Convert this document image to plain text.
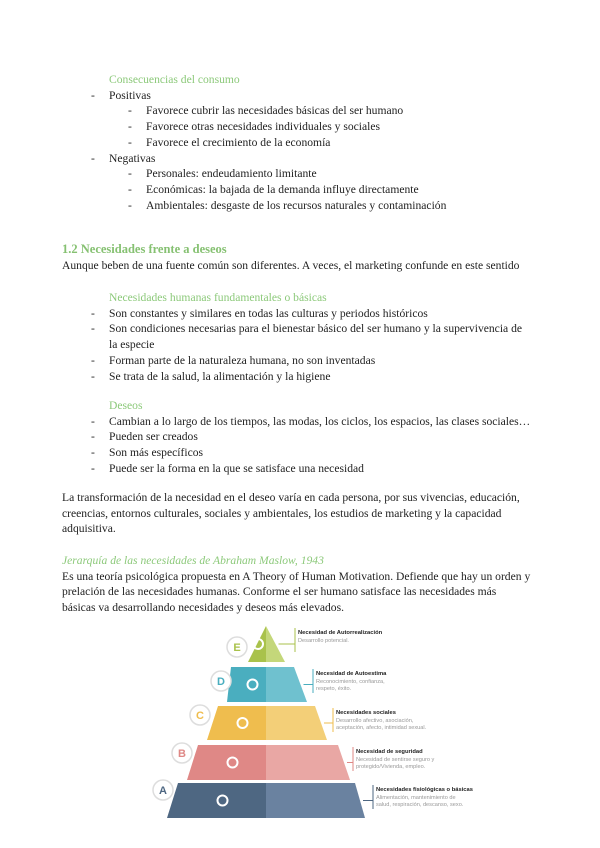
Consecuencias del consumo
- Positivas
- Favorece cubrir las necesidades básicas del ser humano
- Favorece otras necesidades individuales y sociales
- Favorece el crecimiento de la economía
- Negativas
- Personales: endeudamiento limitante
- Económicas: la bajada de la demanda influye directamente
- Ambientales: desgaste de los recursos naturales y contaminación
1.2 Necesidades frente a deseos
Aunque beben de una fuente común son diferentes. A veces, el marketing confunde en este sentido
Necesidades humanas fundamentales o básicas
- Son constantes y similares en todas las culturas y periodos históricos
- Son condiciones necesarias para el bienestar básico del ser humano y la supervivencia de la especie
- Forman parte de la naturaleza humana, no son inventadas
- Se trata de la salud, la alimentación y la higiene
Deseos
- Cambian a lo largo de los tiempos, las modas, los ciclos, los espacios, las clases sociales…
- Pueden ser creados
- Son más específicos
- Puede ser la forma en la que se satisface una necesidad
La transformación de la necesidad en el deseo varía en cada persona, por sus vivencias, educación, creencias, entornos culturales, sociales y ambientales, los estudios de marketing y la capacidad adquisitiva.
Jerarquía de las necesidades de Abraham Maslow, 1943
Es una teoría psicológica propuesta en A Theory of Human Motivation. Defiende que hay un orden y prelación de las necesidades humanas. Conforme el ser humano satisface las necesidades más básicas va desarrollando necesidades y deseos más elevados.
E
Necesidad de Autorrealización
Desarrollo potencial.
D
Necesidad de Autoestima
Reconocimiento, confianza,
respeto, éxito.
C	Necesidades sociales
Desarrollo afectivo, asociación,
aceptación, afecto, intimidad sexual.
B	Necesidad de seguridad
Necesidad de sentirse seguro y
protegido/Vivienda, empleo.
A	Necesidades fisiológicas o básicas
Alimentación, mantenimiento de
salud, respiración, descanso, sexo.
